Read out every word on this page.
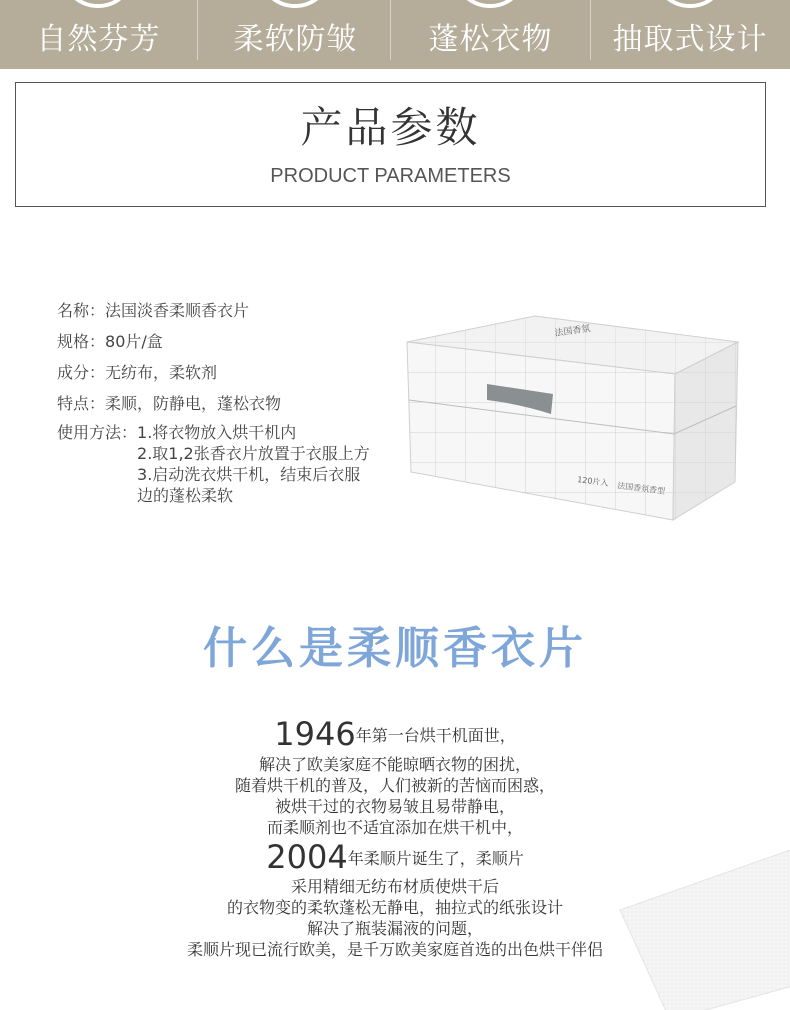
自然芬芳 柔软防皱 蓬松衣物 抽取式设计
产品参数
PRODUCT PARAMETERS
名称： 法国淡香柔顺香衣片
规格： 80片/盒
成分： 无纺布，柔软剂
特点： 柔顺，防静电，蓬松衣物
使用方法： 1.将衣物放入烘干机内
2.取1,2张香衣片放置于衣服上方
3.启动洗衣烘干机，结束后衣服
边的蓬松柔软
法国香氛
120片入 法国香氛香型
什么是柔顺香衣片
1946年第一台烘干机面世，
解决了欧美家庭不能晾晒衣物的困扰，
随着烘干机的普及，人们被新的苦恼而困惑，
被烘干过的衣物易皱且易带静电，
而柔顺剂也不适宜添加在烘干机中，
2004年柔顺片诞生了，柔顺片
采用精细无纺布材质使烘干后
的衣物变的柔软蓬松无静电，抽拉式的纸张设计
解决了瓶装漏液的问题，
柔顺片现已流行欧美，是千万欧美家庭首选的出色烘干伴侣
